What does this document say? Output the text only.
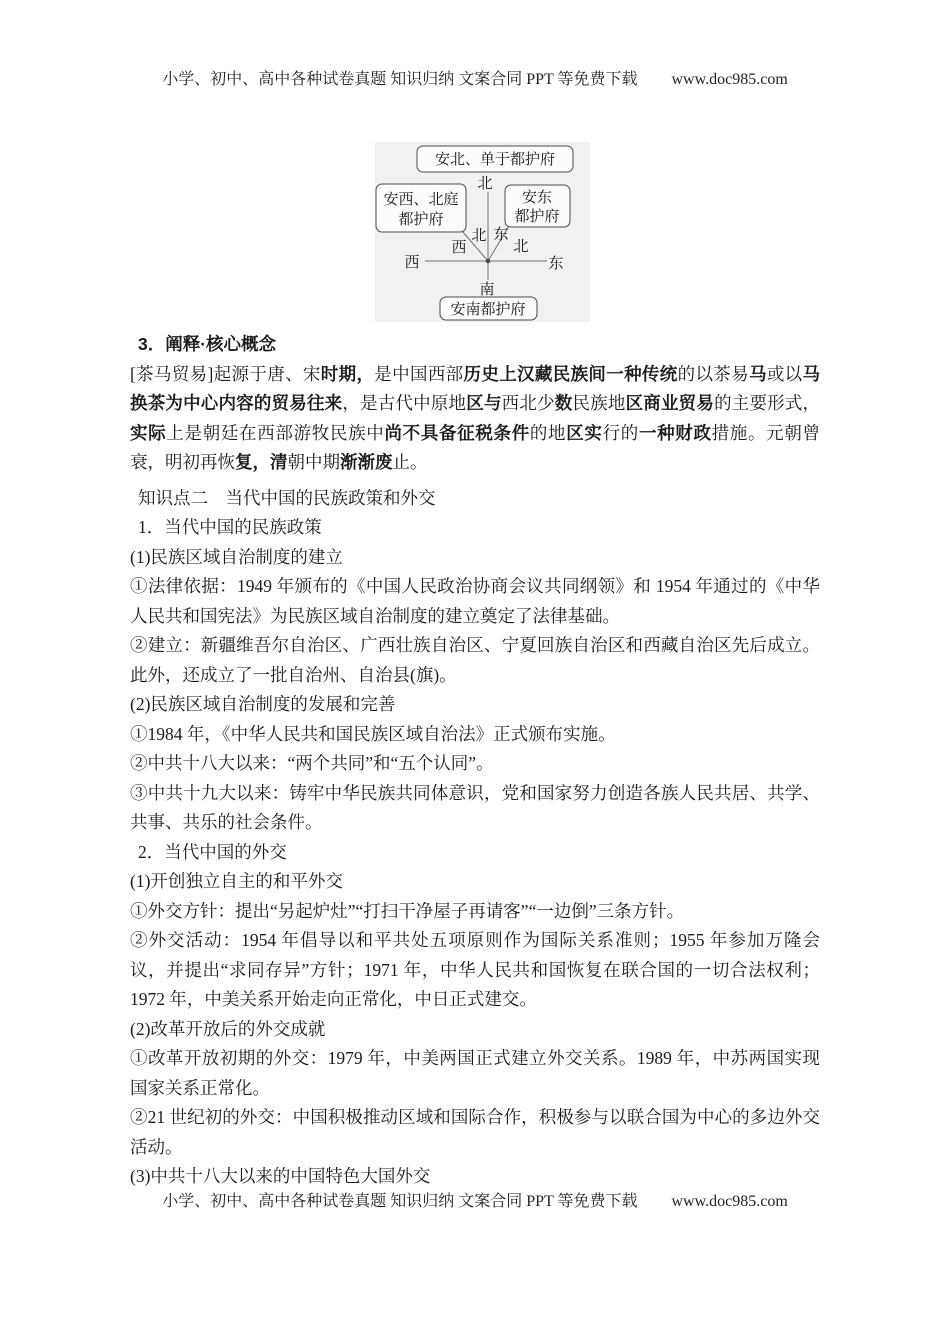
小学、初中、高中各种试卷真题 知识归纳 文案合同 PPT 等免费下载 www.doc985.com
安北、单于都护府
安西、北庭
都护府
安东
都护府
安南都护府
北
西	东
南
西
北 东
北

3．阐释·核心概念

[茶马贸易]起源于唐、宋时期，是中国西部历史上汉藏民族间一种传统的以茶易马或以马换茶为中心内容的贸易往来，是古代中原地区与西北少数民族地区商业贸易的主要形式，实际上是朝廷在西部游牧民族中尚不具备征税条件的地区实行的一种财政措施。元朝曾衰，明初再恢复，清朝中期渐渐废止。

知识点二　当代中国的民族政策和外交

1．当代中国的民族政策

(1)民族区域自治制度的建立

①法律依据：1949 年颁布的《中国人民政治协商会议共同纲领》和 1954 年通过的《中华人民共和国宪法》为民族区域自治制度的建立奠定了法律基础。

②建立：新疆维吾尔自治区、广西壮族自治区、宁夏回族自治区和西藏自治区先后成立。此外，还成立了一批自治州、自治县(旗)。

(2)民族区域自治制度的发展和完善

①1984 年，《中华人民共和国民族区域自治法》正式颁布实施。

②中共十八大以来：“两个共同”和“五个认同”。

③中共十九大以来：铸牢中华民族共同体意识，党和国家努力创造各族人民共居、共学、共事、共乐的社会条件。

2．当代中国的外交

(1)开创独立自主的和平外交

①外交方针：提出“另起炉灶”“打扫干净屋子再请客”“一边倒”三条方针。

②外交活动：1954 年倡导以和平共处五项原则作为国际关系准则；1955 年参加万隆会议，并提出“求同存异”方针；1971 年，中华人民共和国恢复在联合国的一切合法权利；1972 年，中美关系开始走向正常化，中日正式建交。

(2)改革开放后的外交成就

①改革开放初期的外交：1979 年，中美两国正式建立外交关系。1989 年，中苏两国实现国家关系正常化。

②21 世纪初的外交：中国积极推动区域和国际合作，积极参与以联合国为中心的多边外交活动。

(3)中共十八大以来的中国特色大国外交

小学、初中、高中各种试卷真题 知识归纳 文案合同 PPT 等免费下载 www.doc985.com
